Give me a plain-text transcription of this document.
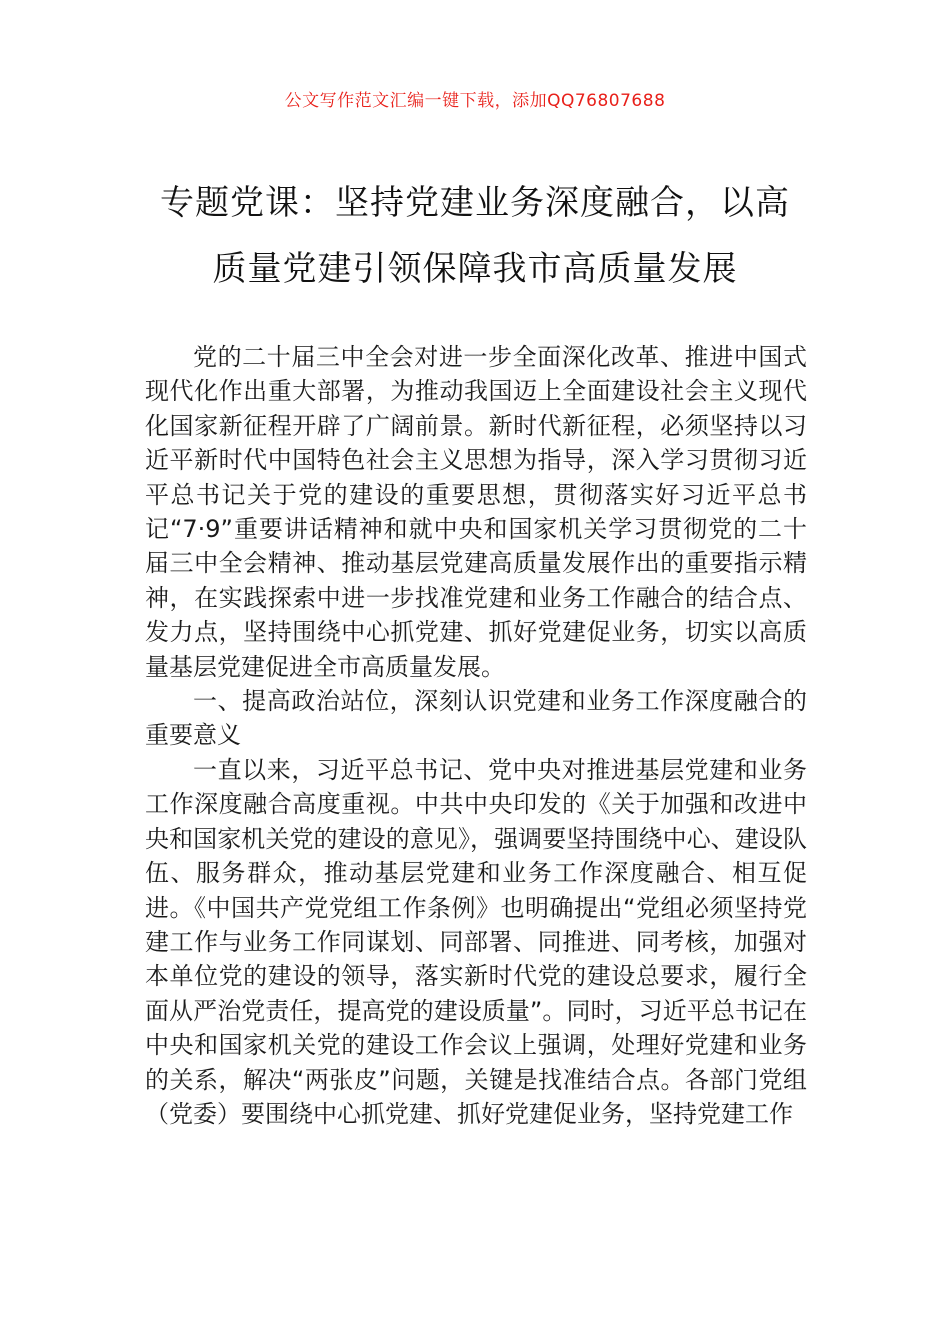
公文写作范文汇编一键下载，添加QQ76807688
专题党课：坚持党建业务深度融合，以高
质量党建引领保障我市高质量发展

党的二十届三中全会对进一步全面深化改革、推进中国式现代化作出重大部署，为推动我国迈上全面建设社会主义现代化国家新征程开辟了广阔前景。新时代新征程，必须坚持以习近平新时代中国特色社会主义思想为指导，深入学习贯彻习近平总书记关于党的建设的重要思想，贯彻落实好习近平总书记“7·9”重要讲话精神和就中央和国家机关学习贯彻党的二十届三中全会精神、推动基层党建高质量发展作出的重要指示精神，在实践探索中进一步找准党建和业务工作融合的结合点、发力点，坚持围绕中心抓党建、抓好党建促业务，切实以高质量基层党建促进全市高质量发展。

一、提高政治站位，深刻认识党建和业务工作深度融合的重要意义

一直以来，习近平总书记、党中央对推进基层党建和业务工作深度融合高度重视。中共中央印发的《关于加强和改进中央和国家机关党的建设的意见》，强调要坚持围绕中心、建设队伍、服务群众，推动基层党建和业务工作深度融合、相互促进。《中国共产党党组工作条例》也明确提出“党组必须坚持党建工作与业务工作同谋划、同部署、同推进、同考核，加强对本单位党的建设的领导，落实新时代党的建设总要求，履行全面从严治党责任，提高党的建设质量”。同时，习近平总书记在中央和国家机关党的建设工作会议上强调，处理好党建和业务的关系，解决“两张皮”问题，关键是找准结合点。各部门党组（党委）要围绕中心抓党建、抓好党建促业务，坚持党建工作
